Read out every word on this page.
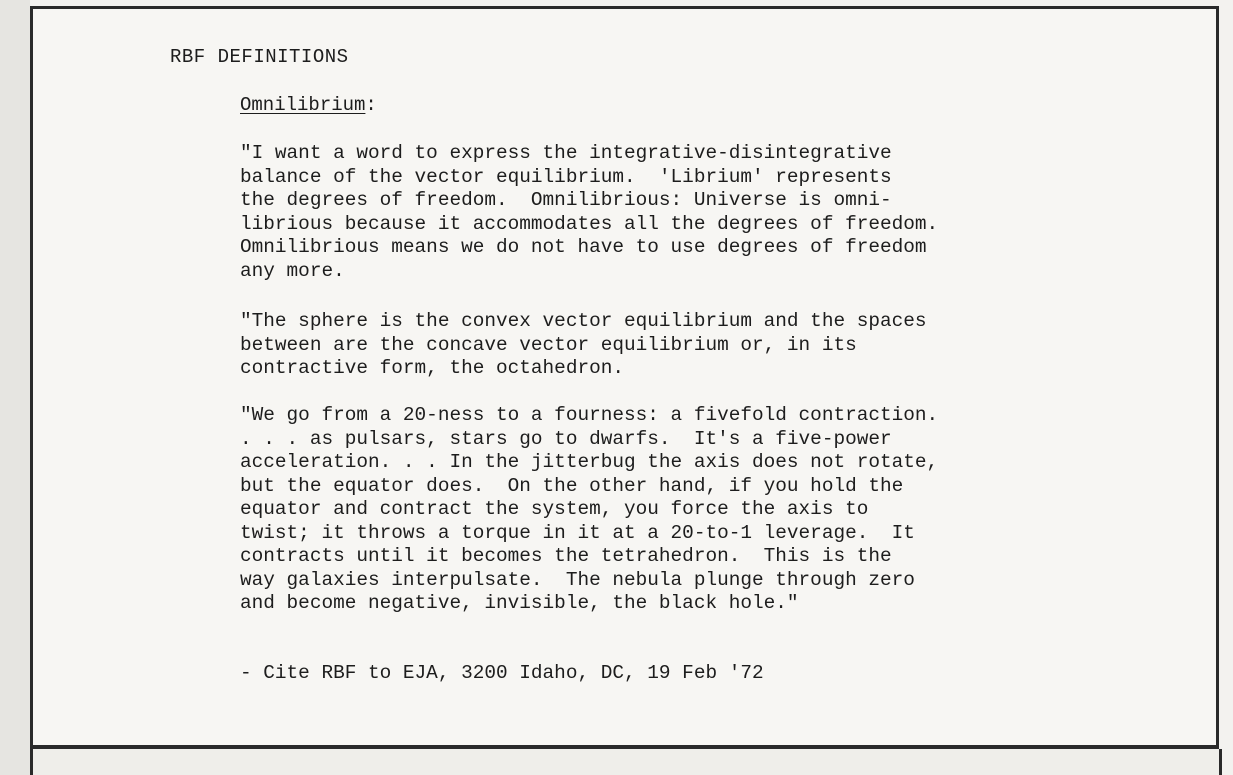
RBF DEFINITIONS
Omnilibrium:

"I want a word to express the integrative-disintegrative
balance of the vector equilibrium.  'Librium' represents
the degrees of freedom.  Omnilibrious: Universe is omni-
librious because it accommodates all the degrees of freedom.
Omnilibrious means we do not have to use degrees of freedom
any more.

"The sphere is the convex vector equilibrium and the spaces
between are the concave vector equilibrium or, in its
contractive form, the octahedron.

"We go from a 20-ness to a fourness: a fivefold contraction.
. . . as pulsars, stars go to dwarfs.  It's a five-power
acceleration. . . In the jitterbug the axis does not rotate,
but the equator does.  On the other hand, if you hold the
equator and contract the system, you force the axis to
twist; it throws a torque in it at a 20-to-1 leverage.  It
contracts until it becomes the tetrahedron.  This is the
way galaxies interpulsate.  The nebula plunge through zero
and become negative, invisible, the black hole."

- Cite RBF to EJA, 3200 Idaho, DC, 19 Feb '72
